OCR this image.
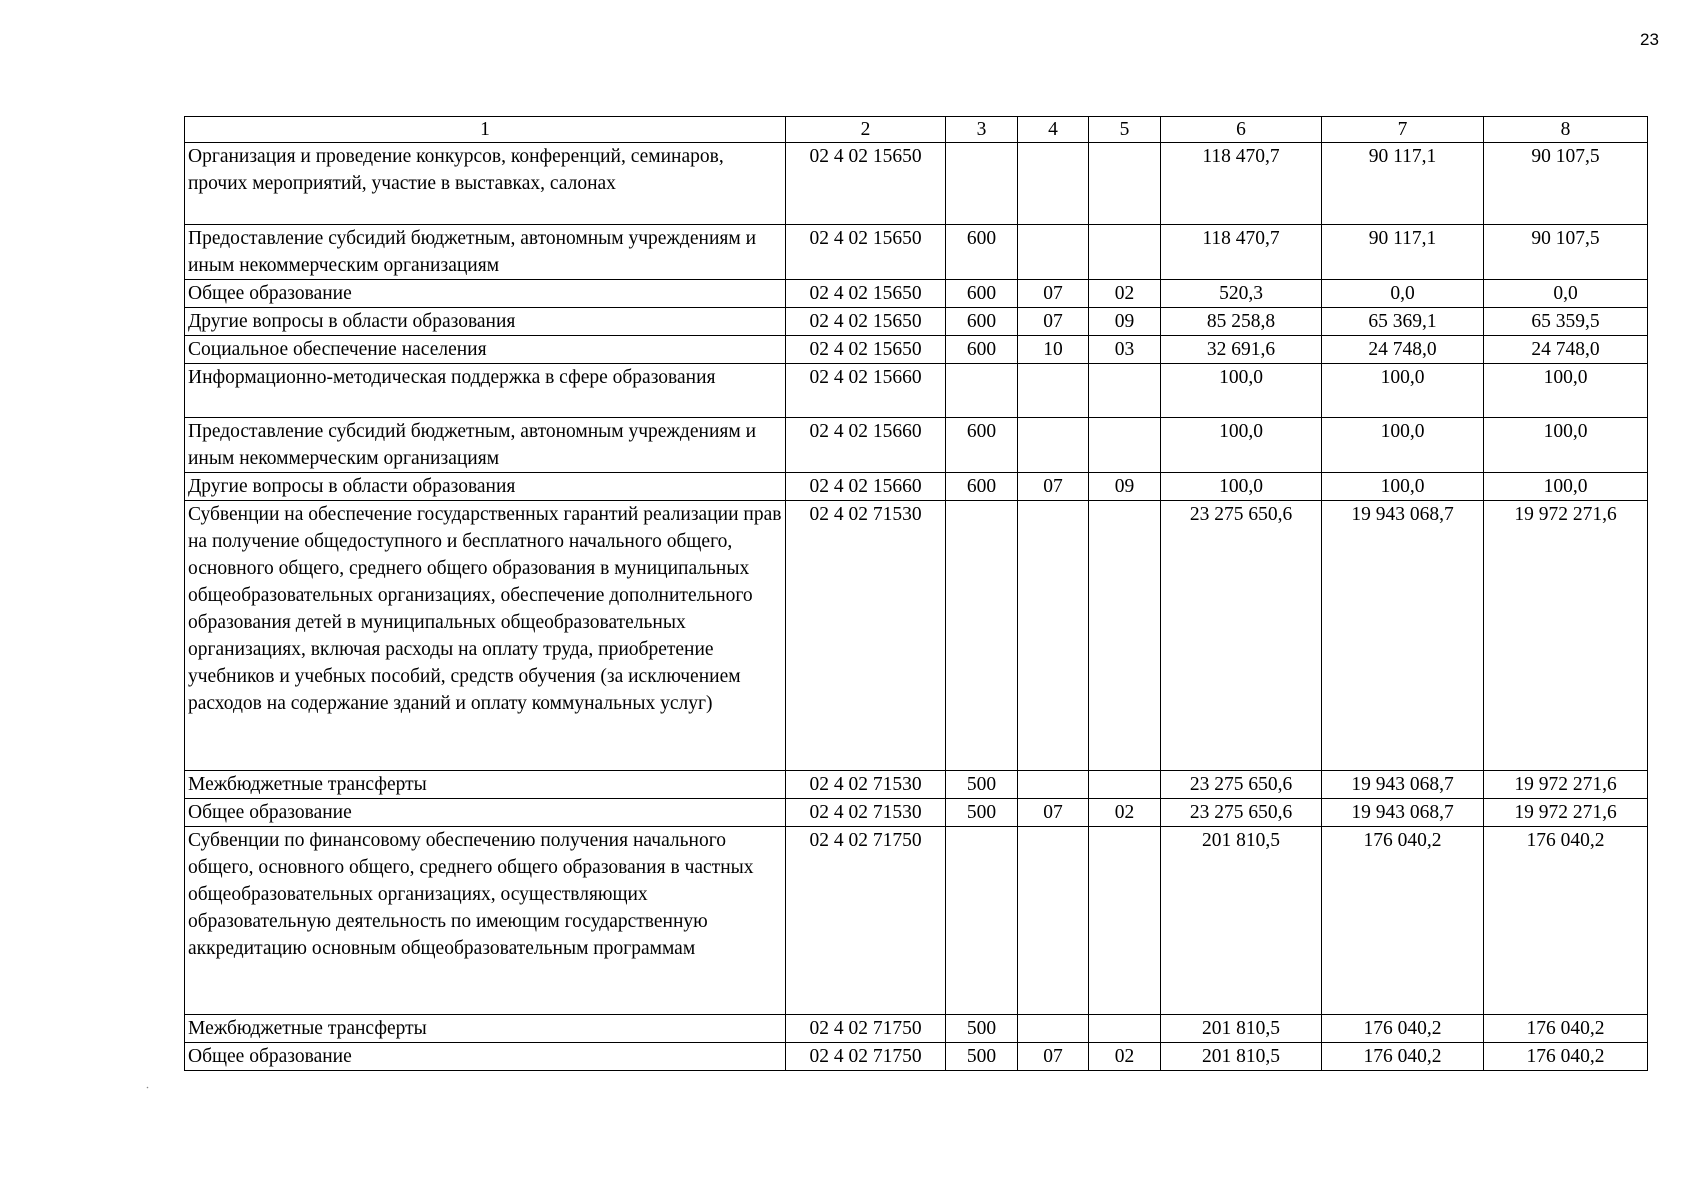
23
1	2	3	4	5	6	7	8
Организация и проведение конкурсов, конференций, семинаров, прочих мероприятий, участие в выставках, салонах	02 4 02 15650				118 470,7	90 117,1	90 107,5
Предоставление субсидий бюджетным, автономным учреждениям и иным некоммерческим организациям	02 4 02 15650	600			118 470,7	90 117,1	90 107,5
Общее образование	02 4 02 15650	600	07	02	520,3	0,0	0,0
Другие вопросы в области образования	02 4 02 15650	600	07	09	85 258,8	65 369,1	65 359,5
Социальное обеспечение населения	02 4 02 15650	600	10	03	32 691,6	24 748,0	24 748,0
Информационно-методическая поддержка в сфере образования	02 4 02 15660				100,0	100,0	100,0
Предоставление субсидий бюджетным, автономным учреждениям и иным некоммерческим организациям	02 4 02 15660	600			100,0	100,0	100,0
Другие вопросы в области образования	02 4 02 15660	600	07	09	100,0	100,0	100,0
Субвенции на обеспечение государственных гарантий реализации прав на получение общедоступного и бесплатного начального общего, основного общего, среднего общего образования в муниципальных общеобразовательных организациях, обеспечение дополнительного образования детей в муниципальных общеобразовательных организациях, включая расходы на оплату труда, приобретение учебников и учебных пособий, средств обучения (за исключением расходов на содержание зданий и оплату коммунальных услуг)	02 4 02 71530				23 275 650,6	19 943 068,7	19 972 271,6
Межбюджетные трансферты	02 4 02 71530	500			23 275 650,6	19 943 068,7	19 972 271,6
Общее образование	02 4 02 71530	500	07	02	23 275 650,6	19 943 068,7	19 972 271,6
Субвенции по финансовому обеспечению получения начального общего, основного общего, среднего общего образования в частных общеобразовательных организациях, осуществляющих образовательную деятельность по имеющим государственную аккредитацию основным общеобразовательным программам	02 4 02 71750				201 810,5	176 040,2	176 040,2
Межбюджетные трансферты	02 4 02 71750	500			201 810,5	176 040,2	176 040,2
Общее образование	02 4 02 71750	500	07	02	201 810,5	176 040,2	176 040,2
